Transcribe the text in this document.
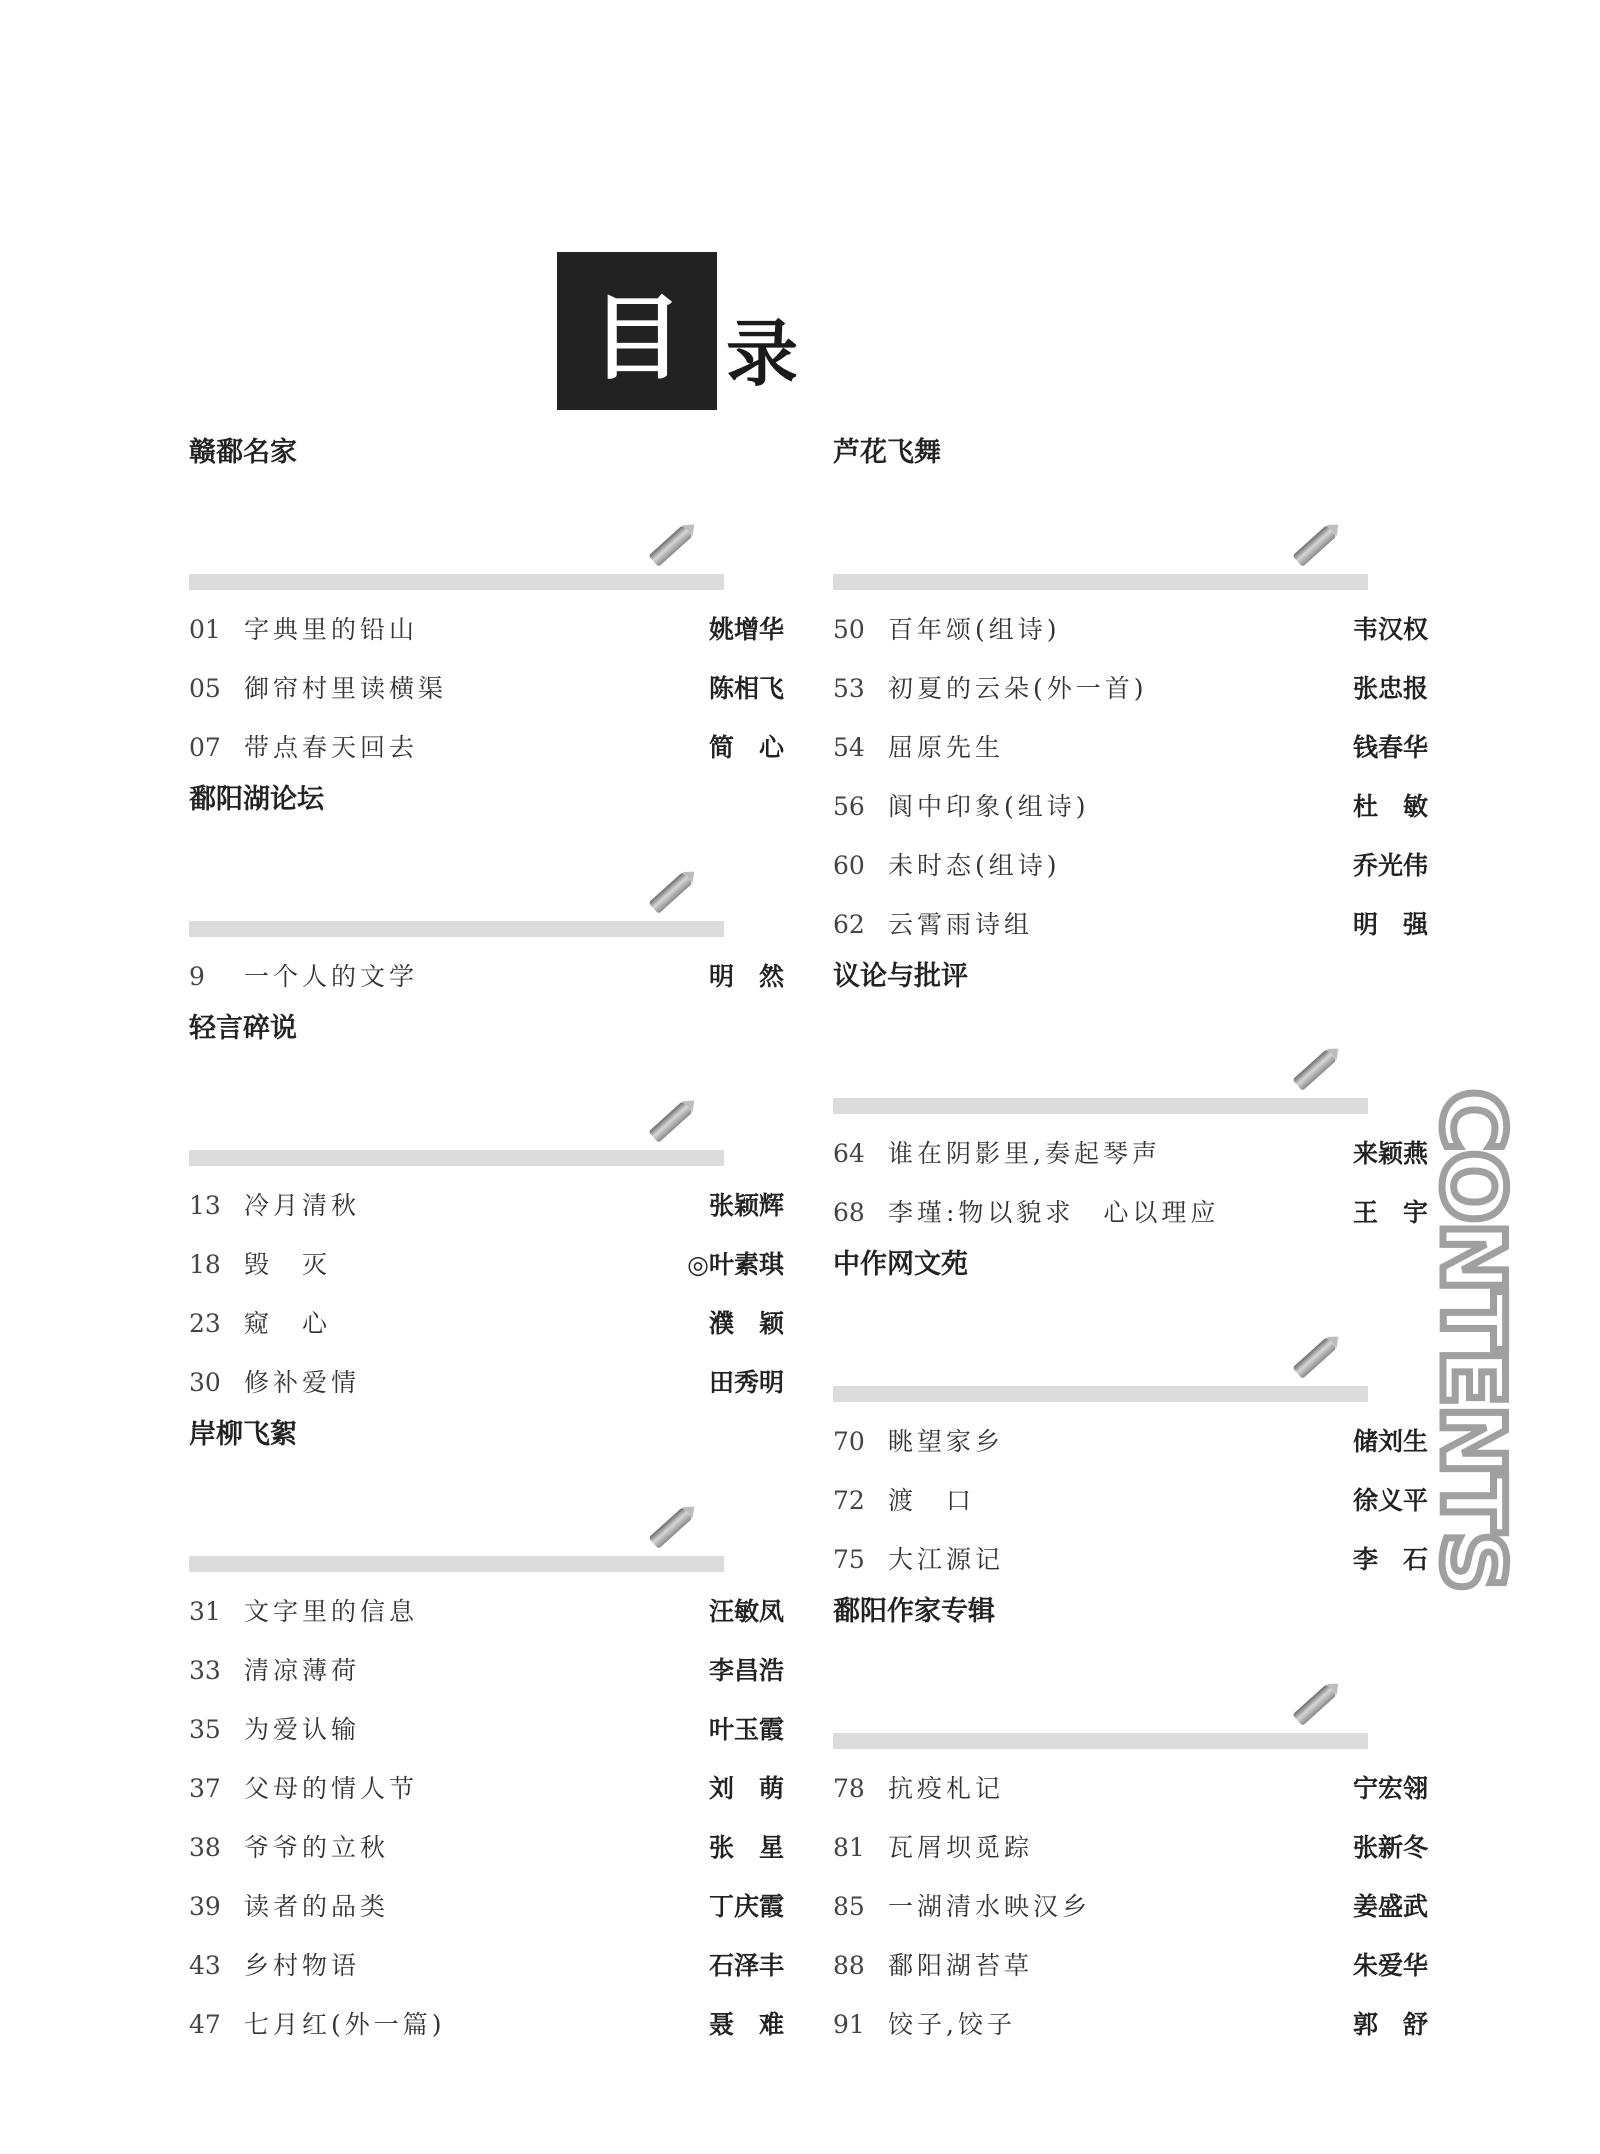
目 录
赣鄱名家
01 字典里的铅山	姚增华
05 御帘村里读横渠	陈相飞
07 带点春天回去	简　心
鄱阳湖论坛
9 一个人的文学	明　然
轻言碎说
13 冷月清秋	张颖辉
18 毁　灭	◎叶素琪
23 窥　心	濮　颖
30 修补爱情	田秀明
岸柳飞絮
31 文字里的信息	汪敏凤
33 清凉薄荷	李昌浩
35 为爱认输	叶玉霞
37 父母的情人节	刘　萌
38 爷爷的立秋	张　星
39 读者的品类	丁庆霞
43 乡村物语	石泽丰
47 七月红(外一篇)	聂　难
芦花飞舞
50 百年颂(组诗)	韦汉权
53 初夏的云朵(外一首)	张忠报
54 屈原先生	钱春华
56 阆中印象(组诗)	杜　敏
60 未时态(组诗)	乔光伟
62 云霄雨诗组	明　强
议论与批评
64 谁在阴影里,奏起琴声	来颖燕
68 李瑾:物以貌求　心以理应	王　宇
中作网文苑
70 眺望家乡	储刘生
72 渡　口	徐义平
75 大江源记	李　石
鄱阳作家专辑
78 抗疫札记	宁宏翎
81 瓦屑坝觅踪	张新冬
85 一湖清水映汉乡	姜盛武
88 鄱阳湖苔草	朱爱华
91 饺子,饺子	郭　舒
CONTENTS
